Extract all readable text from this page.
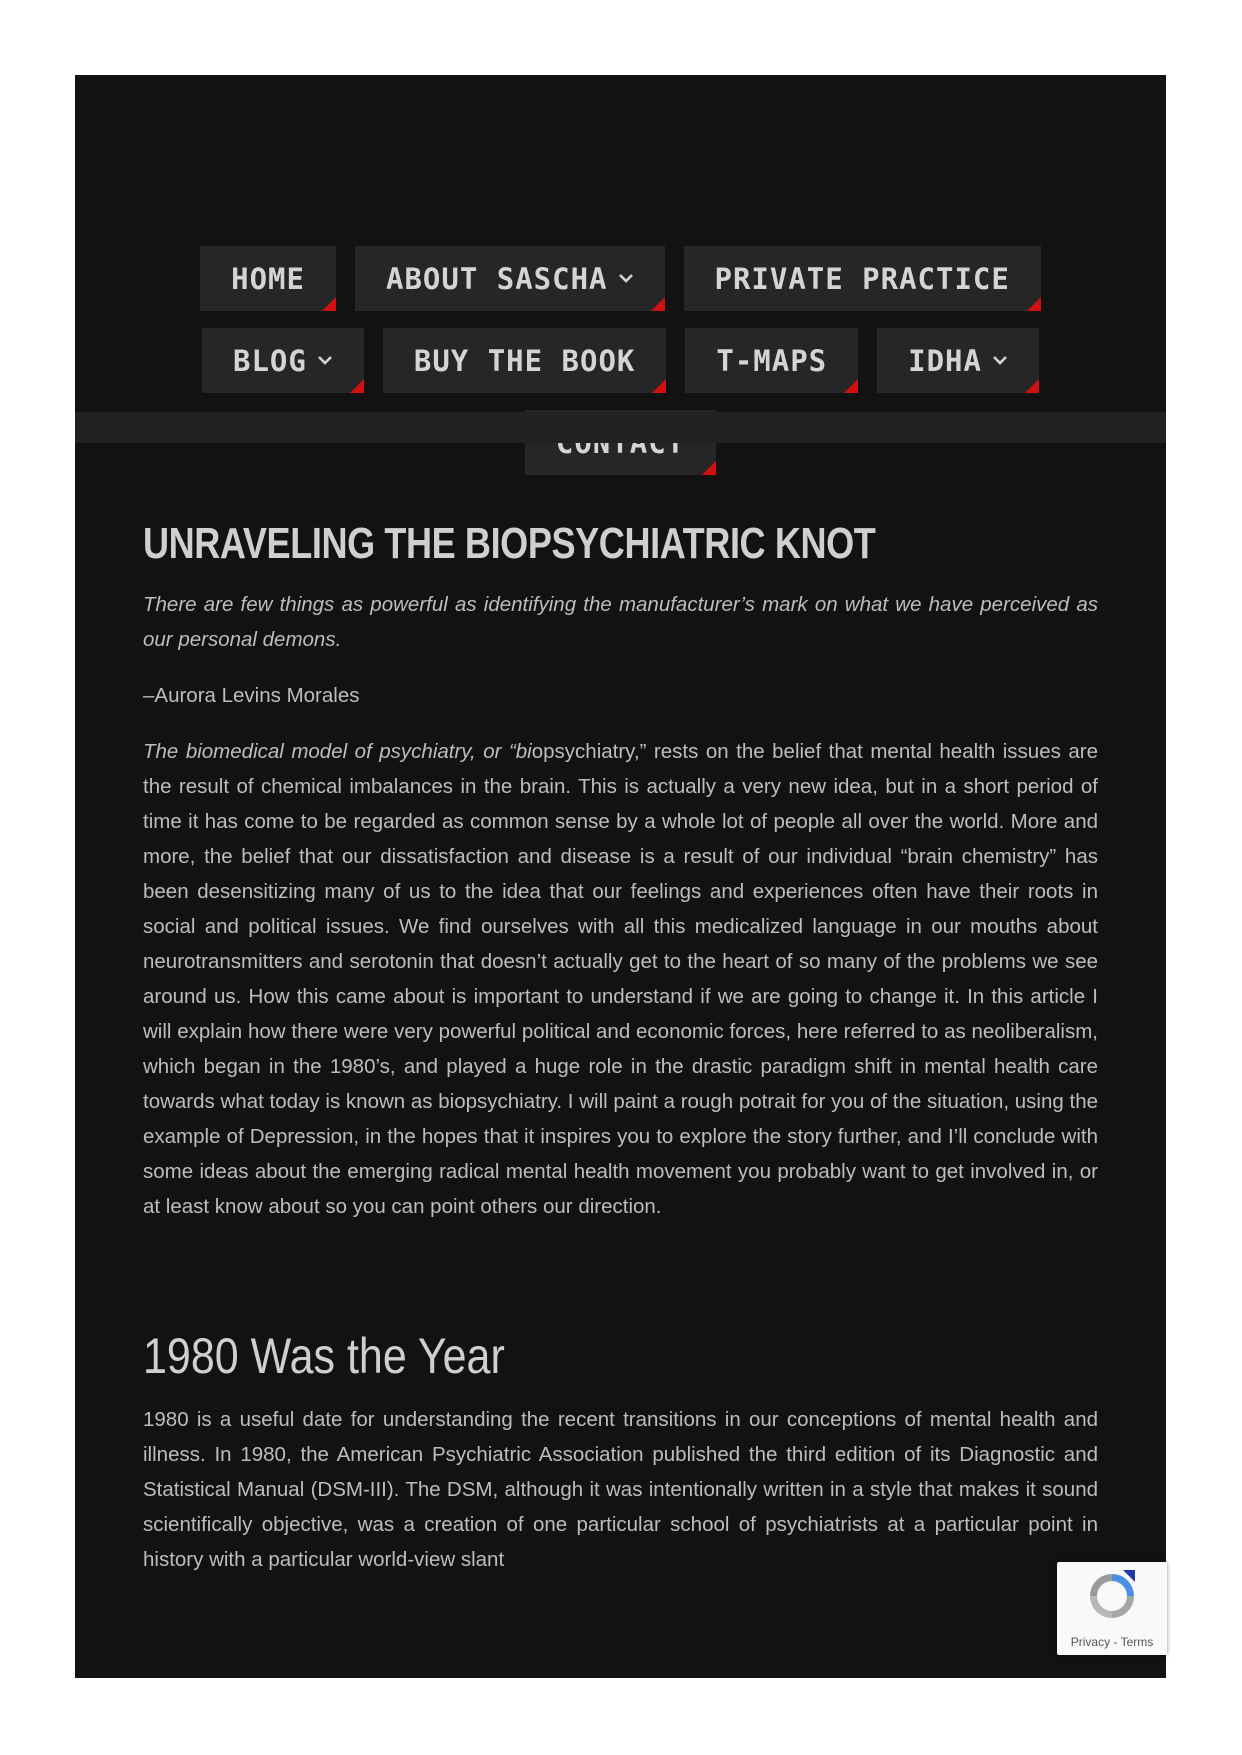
HOME	ABOUT SASCHA	PRIVATE PRACTICE
BLOG	BUY THE BOOK	T-MAPS	IDHA
UNRAVELING THE BIOPSYCHIATRIC KNOT

There are few things as powerful as identifying the manufacturer’s mark on what we have perceived as our personal demons.

–Aurora Levins Morales

The biomedical model of psychiatry, or “biopsychiatry,” rests on the belief that mental health issues are the result of chemical imbalances in the brain. This is actually a very new idea, but in a short period of time it has come to be regarded as common sense by a whole lot of people all over the world. More and more, the belief that our dissatisfaction and disease is a result of our individual “brain chemistry” has been desensitizing many of us to the idea that our feelings and experiences often have their roots in social and political issues. We find ourselves with all this medicalized language in our mouths about neurotransmitters and serotonin that doesn’t actually get to the heart of so many of the problems we see around us. How this came about is important to understand if we are going to change it. In this article I will explain how there were very powerful political and economic forces, here referred to as neoliberalism, which began in the 1980’s, and played a huge role in the drastic paradigm shift in mental health care towards what today is known as biopsychiatry. I will paint a rough potrait for you of the situation, using the example of Depression, in the hopes that it inspires you to explore the story further, and I’ll conclude with some ideas about the emerging radical mental health movement you probably want to get involved in, or at least know about so you can point others our direction.

1980 Was the Year

1980 is a useful date for understanding the recent transitions in our conceptions of mental health and illness. In 1980, the American Psychiatric Association published the third edition of its Diagnostic and Statistical Manual (DSM-III). The DSM, although it was intentionally written in a style that makes it sound scientifically objective, was a creation of one particular school of psychiatrists at a particular point in history with a particular world-view slant

Privacy - Terms
